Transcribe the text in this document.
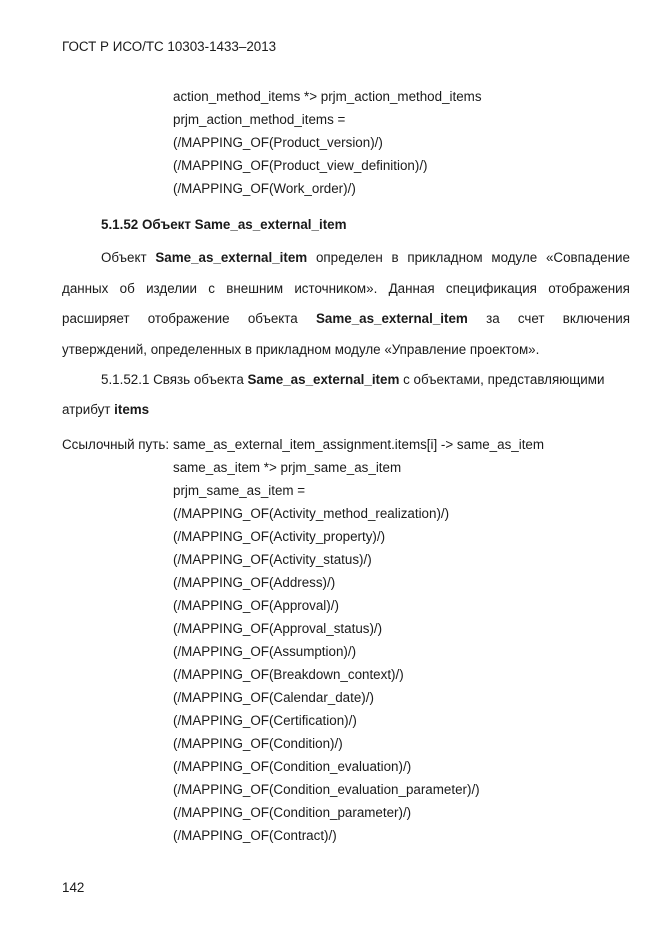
ГОСТ Р ИСО/ТС 10303-1433–2013
action_method_items *> prjm_action_method_items
prjm_action_method_items =
(/MAPPING_OF(Product_version)/)
(/MAPPING_OF(Product_view_definition)/)
(/MAPPING_OF(Work_order)/)
5.1.52 Объект Same_as_external_item
Объект Same_as_external_item определен в прикладном модуле «Совпадение
данных об изделии с внешним источником». Данная спецификация отображения
расширяет отображение объекта Same_as_external_item за счет включения
утверждений, определенных в прикладном модуле «Управление проектом».
5.1.52.1 Связь объекта Same_as_external_item с объектами, представляющими
атрибут items
Ссылочный путь: same_as_external_item_assignment.items[i] -> same_as_item
same_as_item *> prjm_same_as_item
prjm_same_as_item =
(/MAPPING_OF(Activity_method_realization)/)
(/MAPPING_OF(Activity_property)/)
(/MAPPING_OF(Activity_status)/)
(/MAPPING_OF(Address)/)
(/MAPPING_OF(Approval)/)
(/MAPPING_OF(Approval_status)/)
(/MAPPING_OF(Assumption)/)
(/MAPPING_OF(Breakdown_context)/)
(/MAPPING_OF(Calendar_date)/)
(/MAPPING_OF(Certification)/)
(/MAPPING_OF(Condition)/)
(/MAPPING_OF(Condition_evaluation)/)
(/MAPPING_OF(Condition_evaluation_parameter)/)
(/MAPPING_OF(Condition_parameter)/)
(/MAPPING_OF(Contract)/)
142
